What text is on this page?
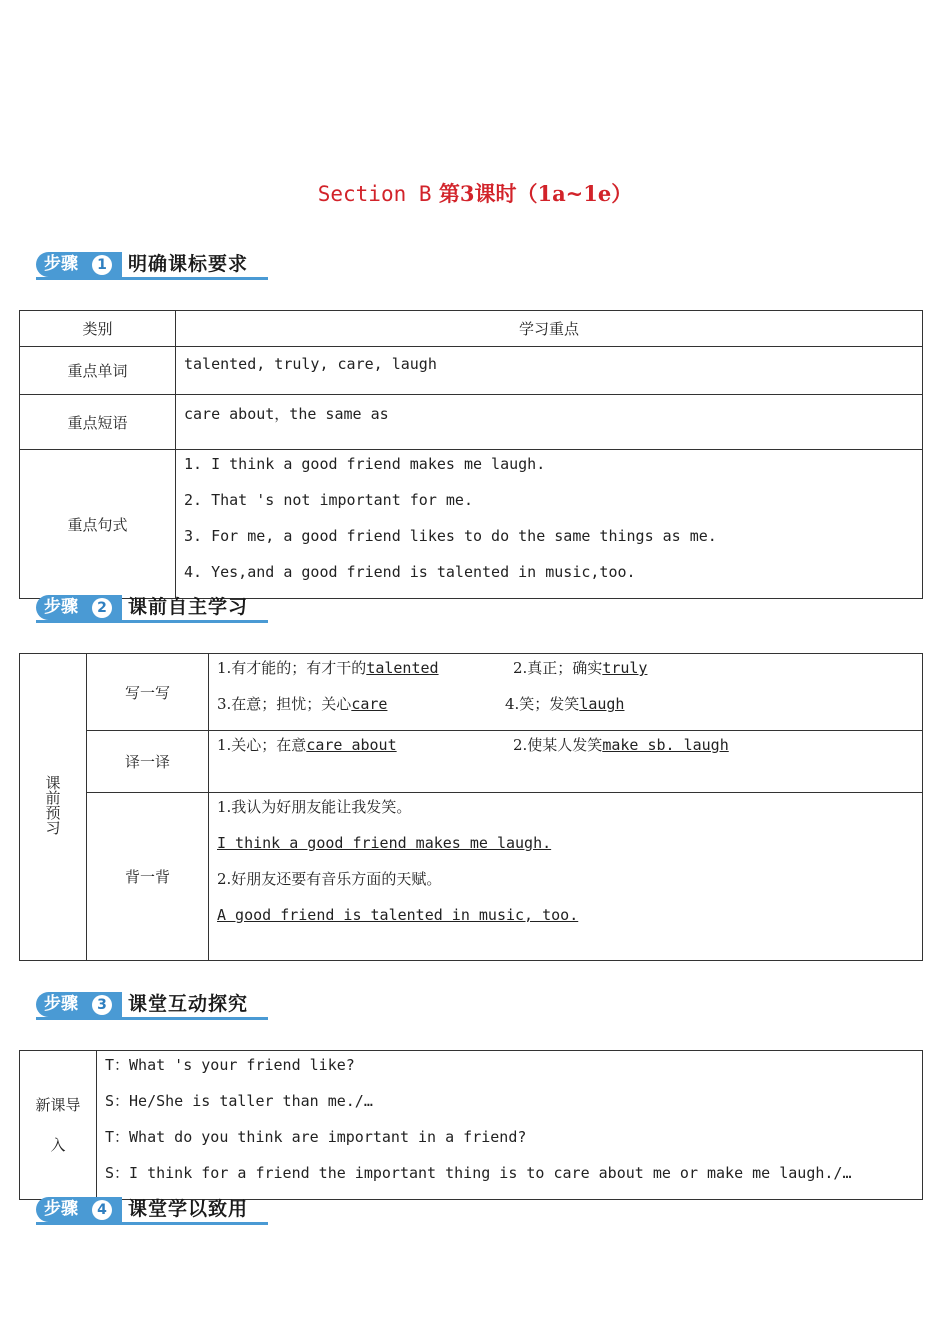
Section B 第3课时（1a~1e）
步骤	1 明确课标要求
类别	学习重点
重点单词	talented, truly, care, laugh

重点短语	care about，the same as

重点句式	1. I think a good friend makes me laugh.
2. That 's not important for me.
3. For me, a good friend likes to do the same things as me.
4. Yes,and a good friend is talented in music,too.
步骤	2 课前自主学习
课前预习	写一写	1.有才能的；有才干的talented 2.真正；确实truly
3.在意；担忧；关心care 4.笑；发笑laugh

	译一译	1.关心；在意care about 2.使某人发笑make sb. laugh

	背一背	1.我认为好朋友能让我发笑。
I think a good friend makes me laugh.
2.好朋友还要有音乐方面的天赋。
A good friend is talented in music, too.
步骤	3 课堂互动探究
新课导
入

T：What 's your friend like?
S：He/She is taller than me./…
T：What do you think are important in a friend?
S：I think for a friend the important thing is to care about me or make me laugh./…
步骤	4 课堂学以致用
